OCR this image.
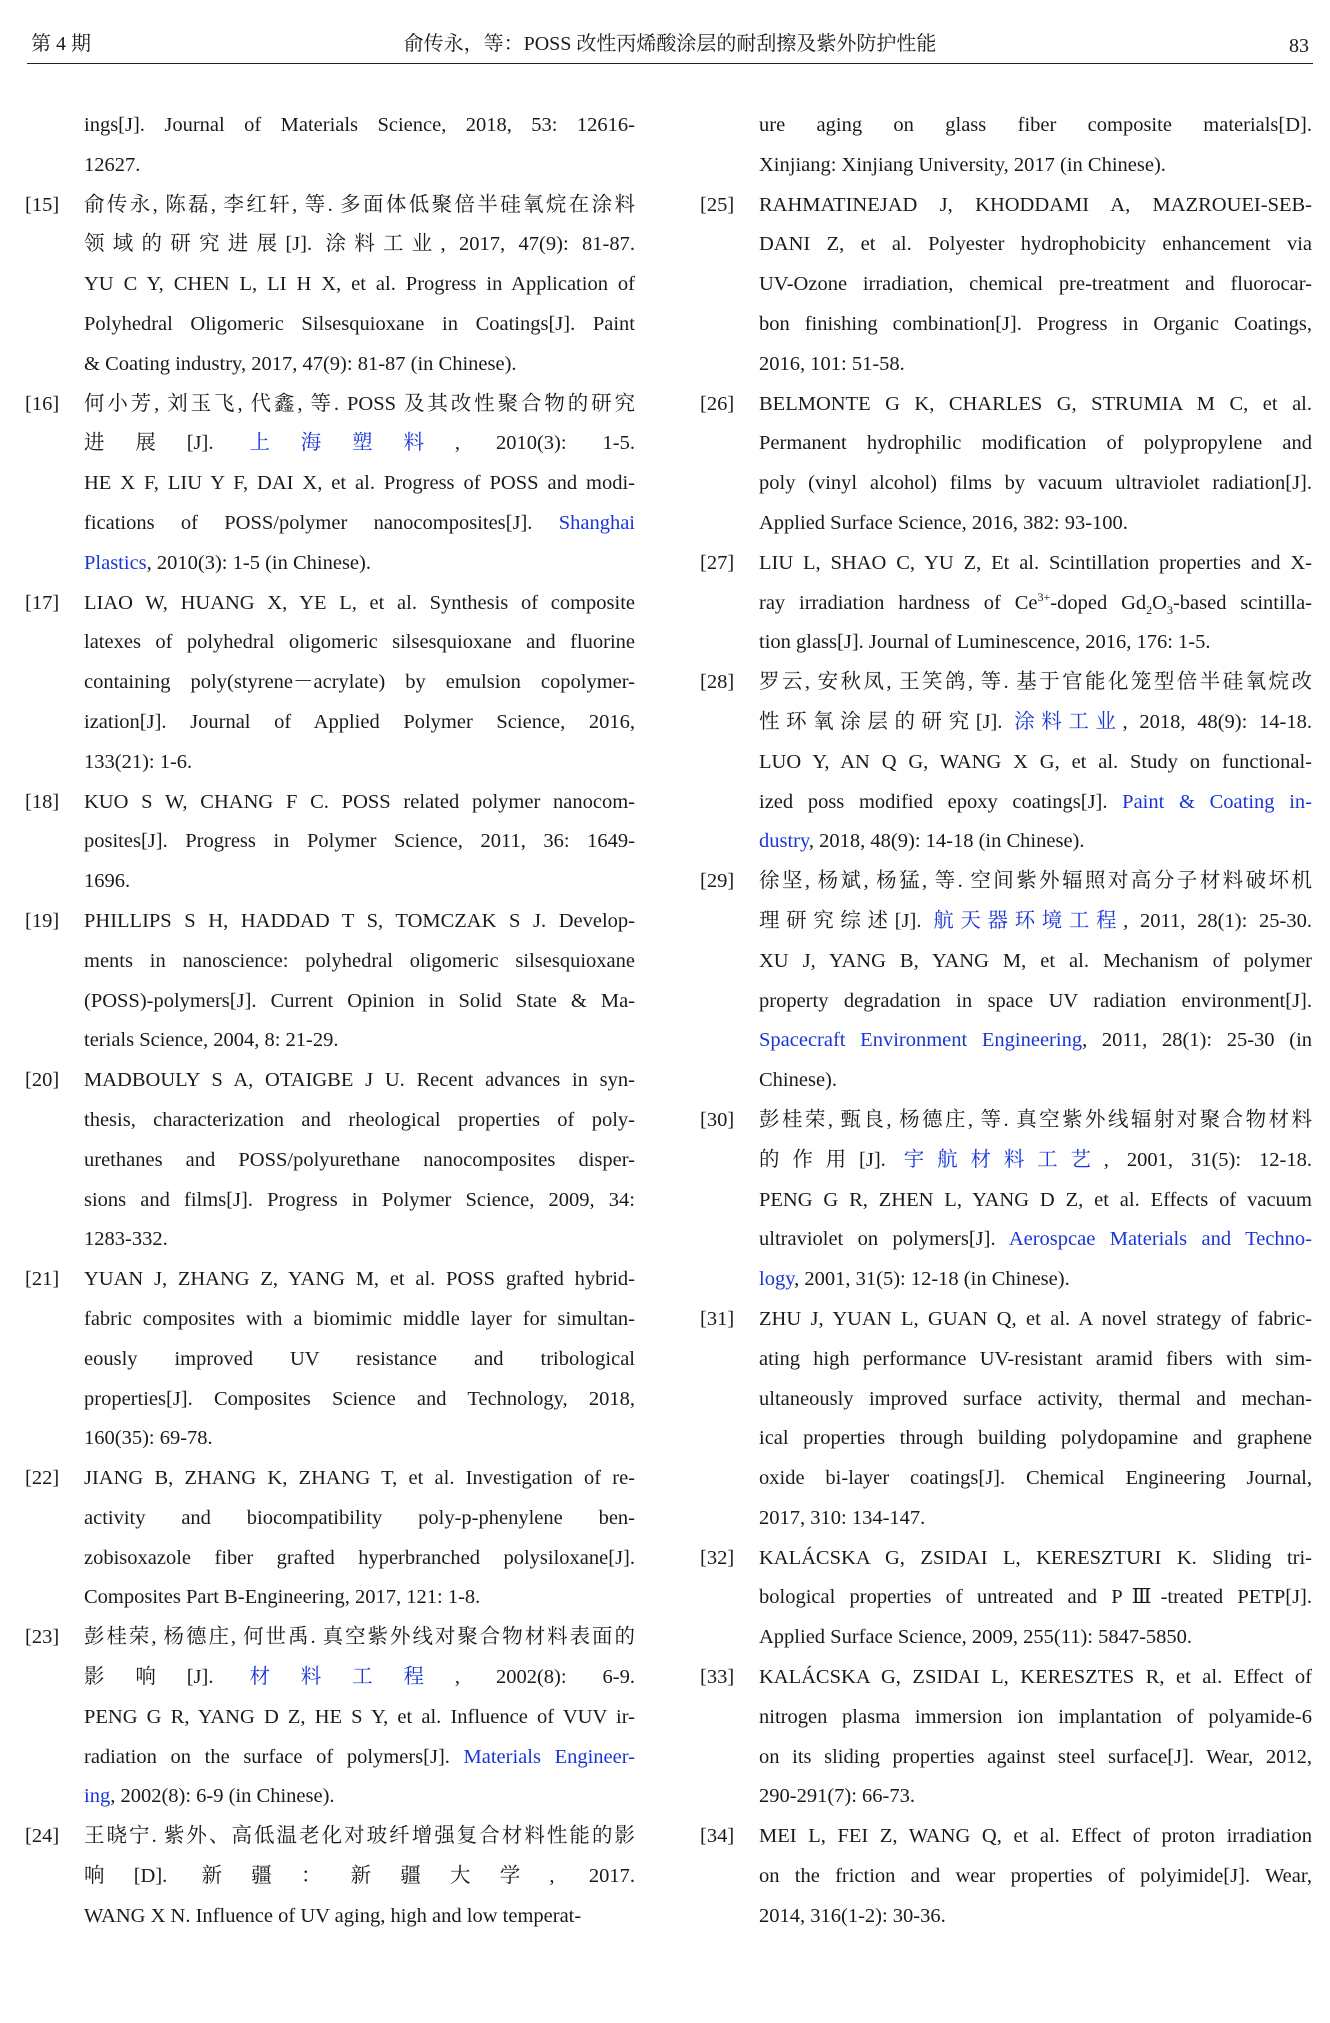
第 4 期	俞传永，等：POSS 改性丙烯酸涂层的耐刮擦及紫外防护性能	83
ings[J]. Journal of Materials Science, 2018, 53: 12616-
12627.
[15] 俞传永, 陈磊, 李红轩, 等. 多面体低聚倍半硅氧烷在涂料
领域的研究进展[J]. 涂料工业, 2017, 47(9): 81-87.
YU C Y, CHEN L, LI H X, et al. Progress in Application of
Polyhedral Oligomeric Silsesquioxane in Coatings[J]. Paint
& Coating industry, 2017, 47(9): 81-87 (in Chinese).
[16] 何小芳, 刘玉飞, 代鑫, 等. POSS 及其改性聚合物的研究
进展[J]. 上海塑料, 2010(3): 1-5.
HE X F, LIU Y F, DAI X, et al. Progress of POSS and modi-
fications of POSS/polymer nanocomposites[J]. Shanghai
Plastics, 2010(3): 1-5 (in Chinese).
[17] LIAO W, HUANG X, YE L, et al. Synthesis of composite
latexes of polyhedral oligomeric silsesquioxane and fluorine
containing poly(styrene－acrylate) by emulsion copolymer-
ization[J]. Journal of Applied Polymer Science, 2016,
133(21): 1-6.
[18] KUO S W, CHANG F C. POSS related polymer nanocom-
posites[J]. Progress in Polymer Science, 2011, 36: 1649-
1696.
[19] PHILLIPS S H, HADDAD T S, TOMCZAK S J. Develop-
ments in nanoscience: polyhedral oligomeric silsesquioxane
(POSS)-polymers[J]. Current Opinion in Solid State & Ma-
terials Science, 2004, 8: 21-29.
[20] MADBOULY S A, OTAIGBE J U. Recent advances in syn-
thesis, characterization and rheological properties of poly-
urethanes and POSS/polyurethane nanocomposites disper-
sions and films[J]. Progress in Polymer Science, 2009, 34:
1283-332.
[21] YUAN J, ZHANG Z, YANG M, et al. POSS grafted hybrid-
fabric composites with a biomimic middle layer for simultan-
eously improved UV resistance and tribological
properties[J]. Composites Science and Technology, 2018,
160(35): 69-78.
[22] JIANG B, ZHANG K, ZHANG T, et al. Investigation of re-
activity and biocompatibility poly-p-phenylene ben-
zobisoxazole fiber grafted hyperbranched polysiloxane[J].
Composites Part B-Engineering, 2017, 121: 1-8.
[23] 彭桂荣, 杨德庄, 何世禹. 真空紫外线对聚合物材料表面的
影响[J]. 材料工程, 2002(8): 6-9.
PENG G R, YANG D Z, HE S Y, et al. Influence of VUV ir-
radiation on the surface of polymers[J]. Materials Engineer-
ing, 2002(8): 6-9 (in Chinese).
[24] 王晓宁. 紫外、高低温老化对玻纤增强复合材料性能的影
响[D]. 新疆：新疆大学, 2017.
WANG X N. Influence of UV aging, high and low temperat-
ure aging on glass fiber composite materials[D].
Xinjiang: Xinjiang University, 2017 (in Chinese).
[25] RAHMATINEJAD J, KHODDAMI A, MAZROUEI-SEB-
DANI Z, et al. Polyester hydrophobicity enhancement via
UV-Ozone irradiation, chemical pre-treatment and fluorocar-
bon finishing combination[J]. Progress in Organic Coatings,
2016, 101: 51-58.
[26] BELMONTE G K, CHARLES G, STRUMIA M C, et al.
Permanent hydrophilic modification of polypropylene and
poly (vinyl alcohol) films by vacuum ultraviolet radiation[J].
Applied Surface Science, 2016, 382: 93-100.
[27] LIU L, SHAO C, YU Z, Et al. Scintillation properties and X-
ray irradiation hardness of $Ce^{3+}$-doped $Gd_2O_3$-based scintilla-
tion glass[J]. Journal of Luminescence, 2016, 176: 1-5.
[28] 罗云, 安秋凤, 王笑鸽, 等. 基于官能化笼型倍半硅氧烷改
性环氧涂层的研究[J]. 涂料工业, 2018, 48(9): 14-18.
LUO Y, AN Q G, WANG X G, et al. Study on functional-
ized poss modified epoxy coatings[J]. Paint & Coating in-
dustry, 2018, 48(9): 14-18 (in Chinese).
[29] 徐坚, 杨斌, 杨猛, 等. 空间紫外辐照对高分子材料破坏机
理研究综述[J]. 航天器环境工程, 2011, 28(1): 25-30.
XU J, YANG B, YANG M, et al. Mechanism of polymer
property degradation in space UV radiation environment[J].
Spacecraft Environment Engineering, 2011, 28(1): 25-30 (in
Chinese).
[30] 彭桂荣, 甄良, 杨德庄, 等. 真空紫外线辐射对聚合物材料
的作用[J]. 宇航材料工艺, 2001, 31(5): 12-18.
PENG G R, ZHEN L, YANG D Z, et al. Effects of vacuum
ultraviolet on polymers[J]. Aerospcae Materials and Techno-
logy, 2001, 31(5): 12-18 (in Chinese).
[31] ZHU J, YUAN L, GUAN Q, et al. A novel strategy of fabric-
ating high performance UV-resistant aramid fibers with sim-
ultaneously improved surface activity, thermal and mechan-
ical properties through building polydopamine and graphene
oxide bi-layer coatings[J]. Chemical Engineering Journal,
2017, 310: 134-147.
[32] KALÁCSKA G, ZSIDAI L, KERESZTURI K. Sliding tri-
bological properties of untreated and PⅢ-treated PETP[J].
Applied Surface Science, 2009, 255(11): 5847-5850.
[33] KALÁCSKA G, ZSIDAI L, KERESZTES R, et al. Effect of
nitrogen plasma immersion ion implantation of polyamide-6
on its sliding properties against steel surface[J]. Wear, 2012,
290-291(7): 66-73.
[34] MEI L, FEI Z, WANG Q, et al. Effect of proton irradiation
on the friction and wear properties of polyimide[J]. Wear,
2014, 316(1-2): 30-36.
